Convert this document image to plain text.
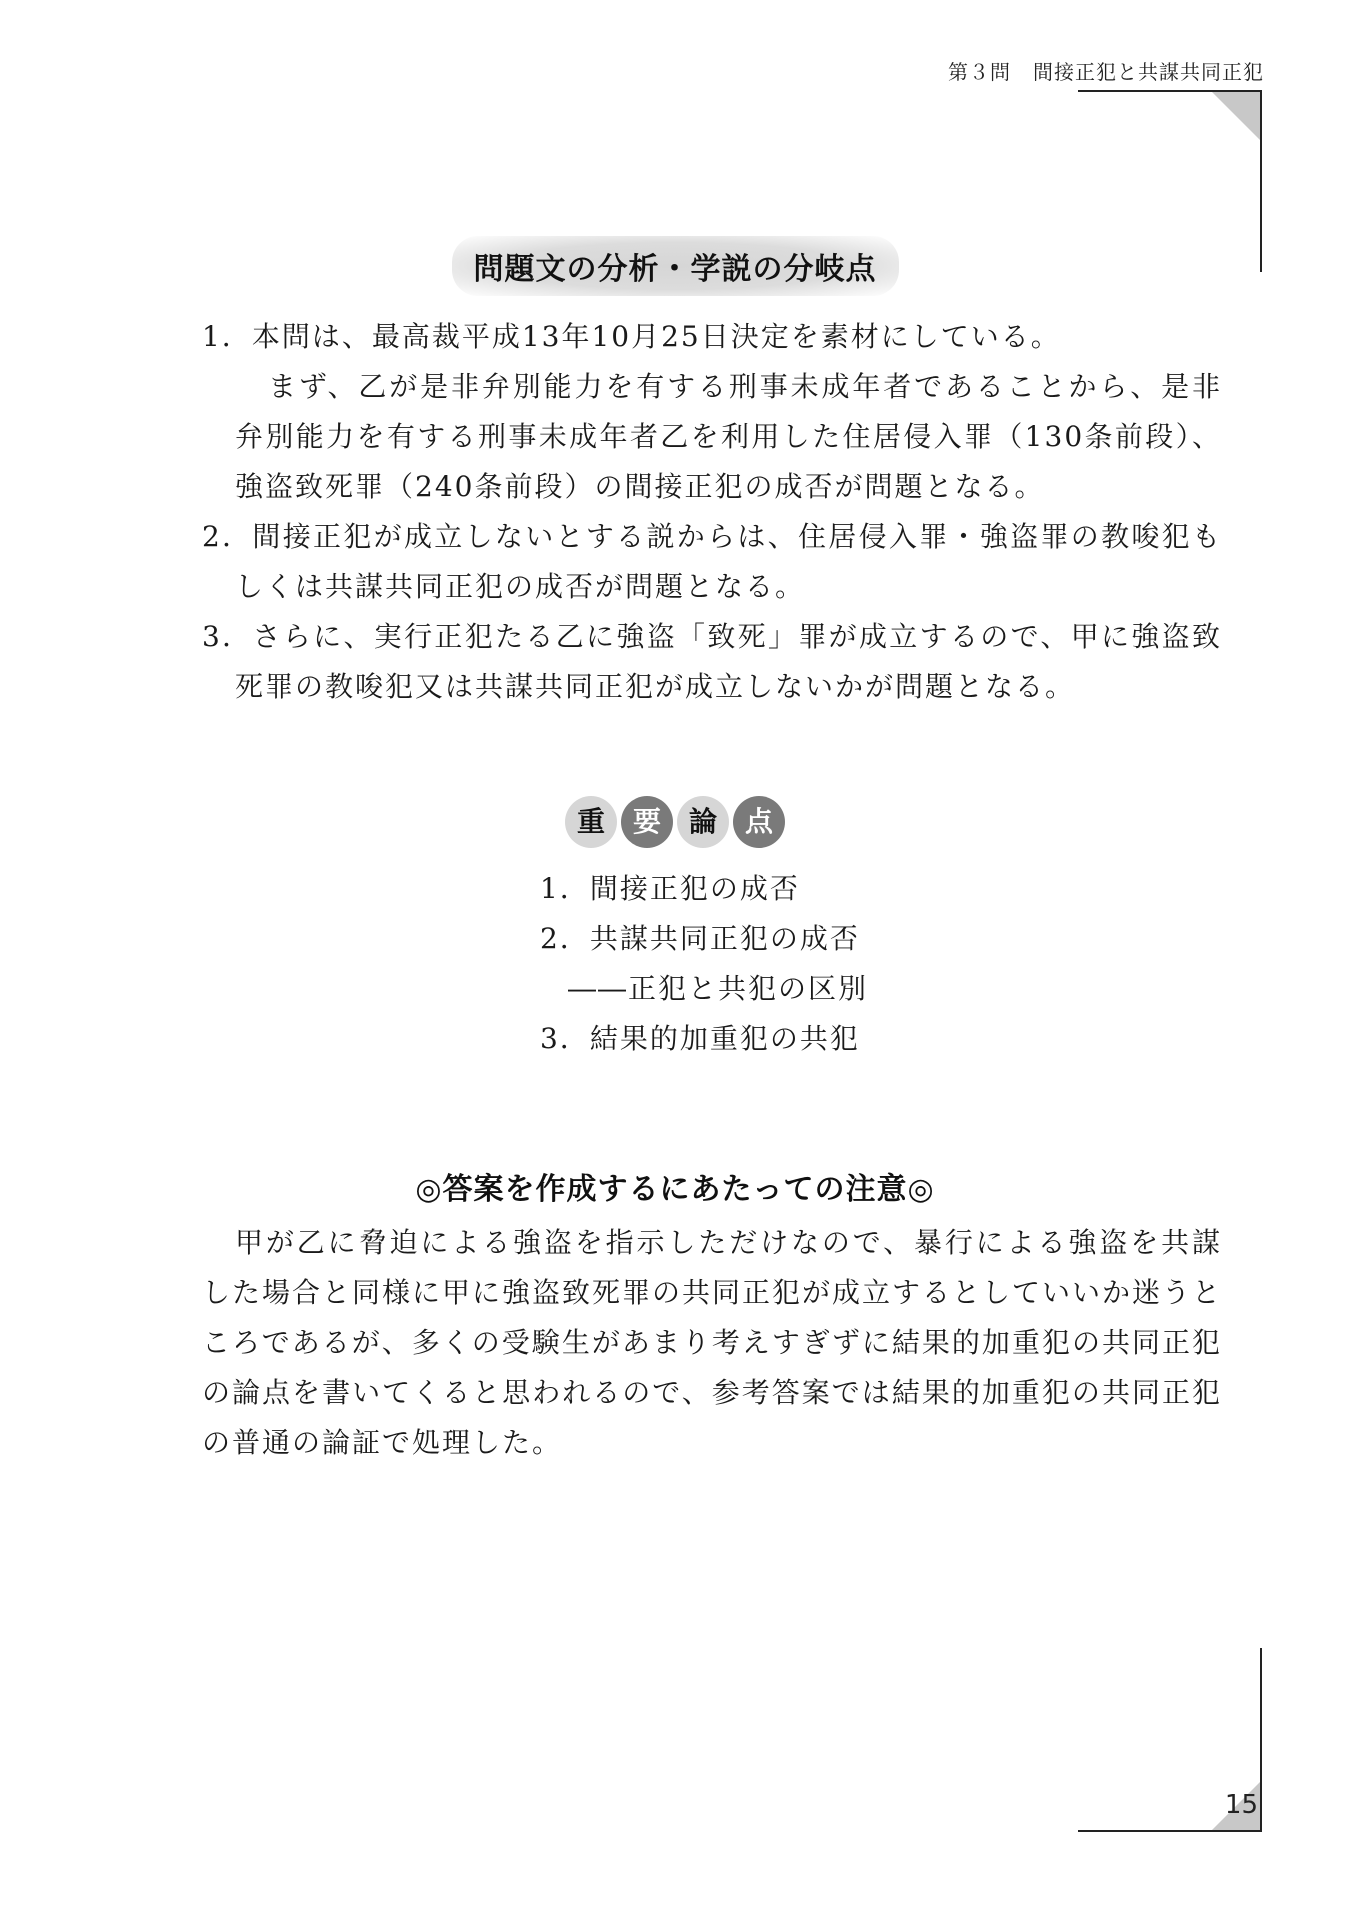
第３問 間接正犯と共謀共同正犯
問題文の分析・学説の分岐点
1．本問は、最高裁平成13年10月25日決定を素材にしている。
まず、乙が是非弁別能力を有する刑事未成年者であることから、是非弁別能力を有する刑事未成年者乙を利用した住居侵入罪（130条前段）、強盗致死罪（240条前段）の間接正犯の成否が問題となる。
2．間接正犯が成立しないとする説からは、住居侵入罪・強盗罪の教唆犯もしくは共謀共同正犯の成否が問題となる。
3．さらに、実行正犯たる乙に強盗「致死」罪が成立するので、甲に強盗致死罪の教唆犯又は共謀共同正犯が成立しないかが問題となる。
重 要 論 点
1．間接正犯の成否
2．共謀共同正犯の成否
――正犯と共犯の区別
3．結果的加重犯の共犯
◎答案を作成するにあたっての注意◎
甲が乙に脅迫による強盗を指示しただけなので、暴行による強盗を共謀した場合と同様に甲に強盗致死罪の共同正犯が成立するとしていいか迷うところであるが、多くの受験生があまり考えすぎずに結果的加重犯の共同正犯の論点を書いてくると思われるので、参考答案では結果的加重犯の共同正犯の普通の論証で処理した。
15
